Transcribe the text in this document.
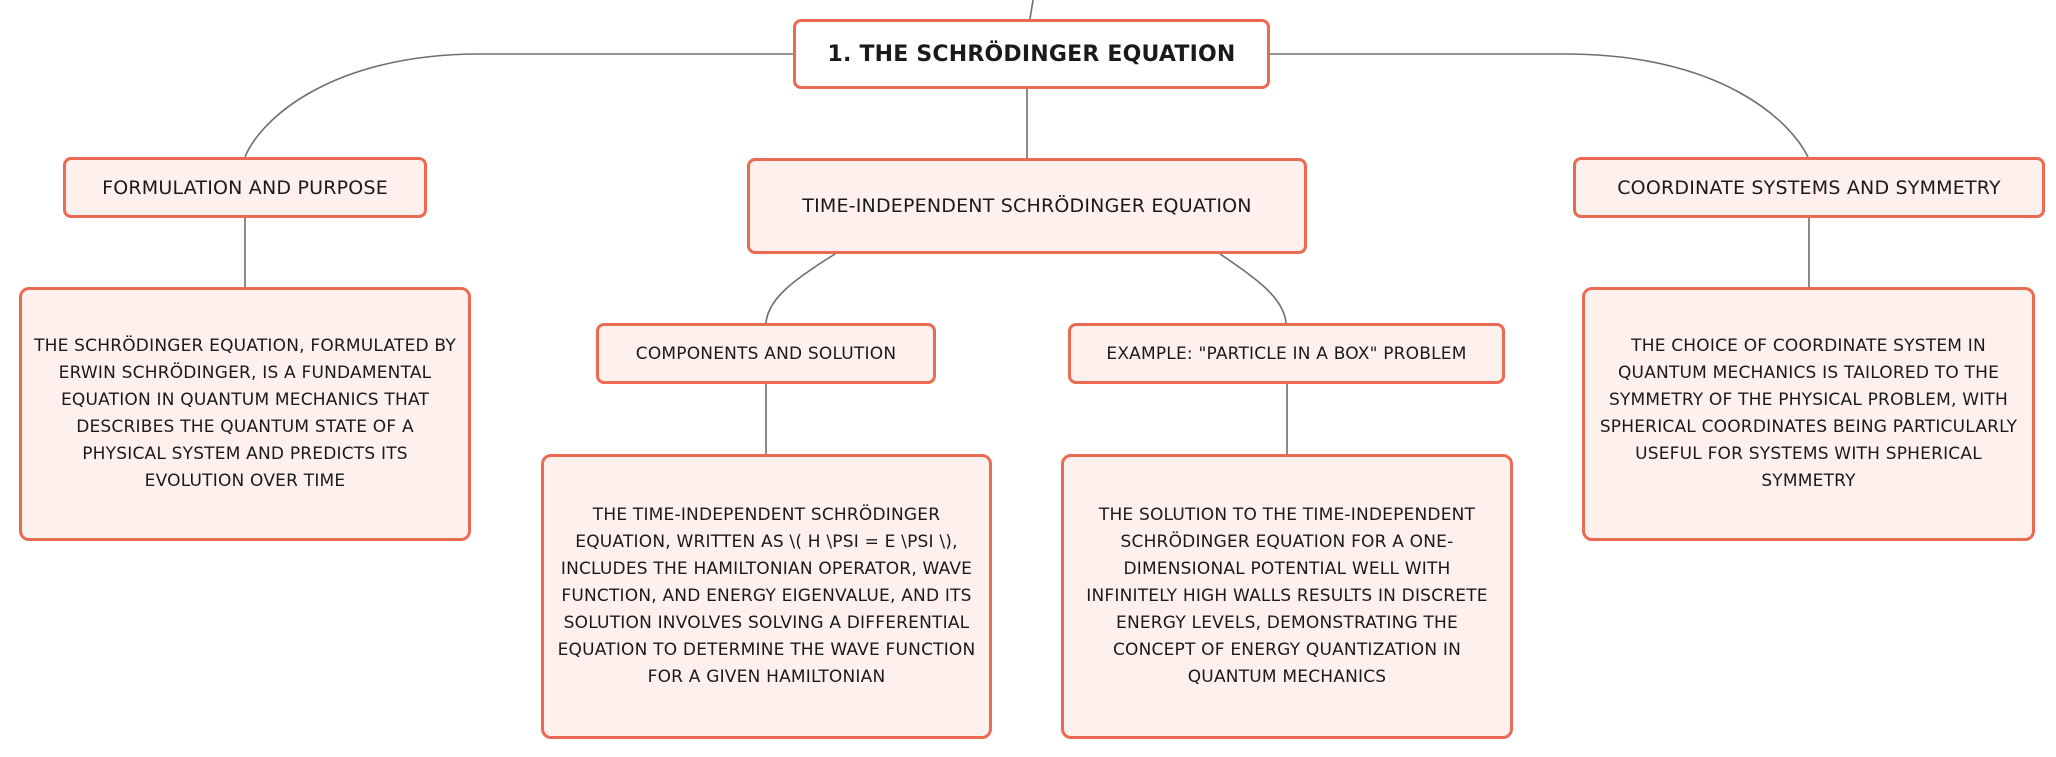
1. THE SCHRÖDINGER EQUATION
FORMULATION AND PURPOSE
TIME-INDEPENDENT SCHRÖDINGER EQUATION
COORDINATE SYSTEMS AND SYMMETRY
COMPONENTS AND SOLUTION	EXAMPLE: "PARTICLE IN A BOX" PROBLEM
THE SCHRÖDINGER EQUATION, FORMULATED BY ERWIN SCHRÖDINGER, IS A FUNDAMENTAL EQUATION IN QUANTUM MECHANICS THAT DESCRIBES THE QUANTUM STATE OF A PHYSICAL SYSTEM AND PREDICTS ITS EVOLUTION OVER TIME
THE CHOICE OF COORDINATE SYSTEM IN QUANTUM MECHANICS IS TAILORED TO THE SYMMETRY OF THE PHYSICAL PROBLEM, WITH SPHERICAL COORDINATES BEING PARTICULARLY USEFUL FOR SYSTEMS WITH SPHERICAL SYMMETRY
THE TIME-INDEPENDENT SCHRÖDINGER EQUATION, WRITTEN AS \( H \PSI = E \PSI \), INCLUDES THE HAMILTONIAN OPERATOR, WAVE FUNCTION, AND ENERGY EIGENVALUE, AND ITS SOLUTION INVOLVES SOLVING A DIFFERENTIAL EQUATION TO DETERMINE THE WAVE FUNCTION FOR A GIVEN HAMILTONIAN
THE SOLUTION TO THE TIME-INDEPENDENT SCHRÖDINGER EQUATION FOR A ONE-DIMENSIONAL POTENTIAL WELL WITH INFINITELY HIGH WALLS RESULTS IN DISCRETE ENERGY LEVELS, DEMONSTRATING THE CONCEPT OF ENERGY QUANTIZATION IN QUANTUM MECHANICS
